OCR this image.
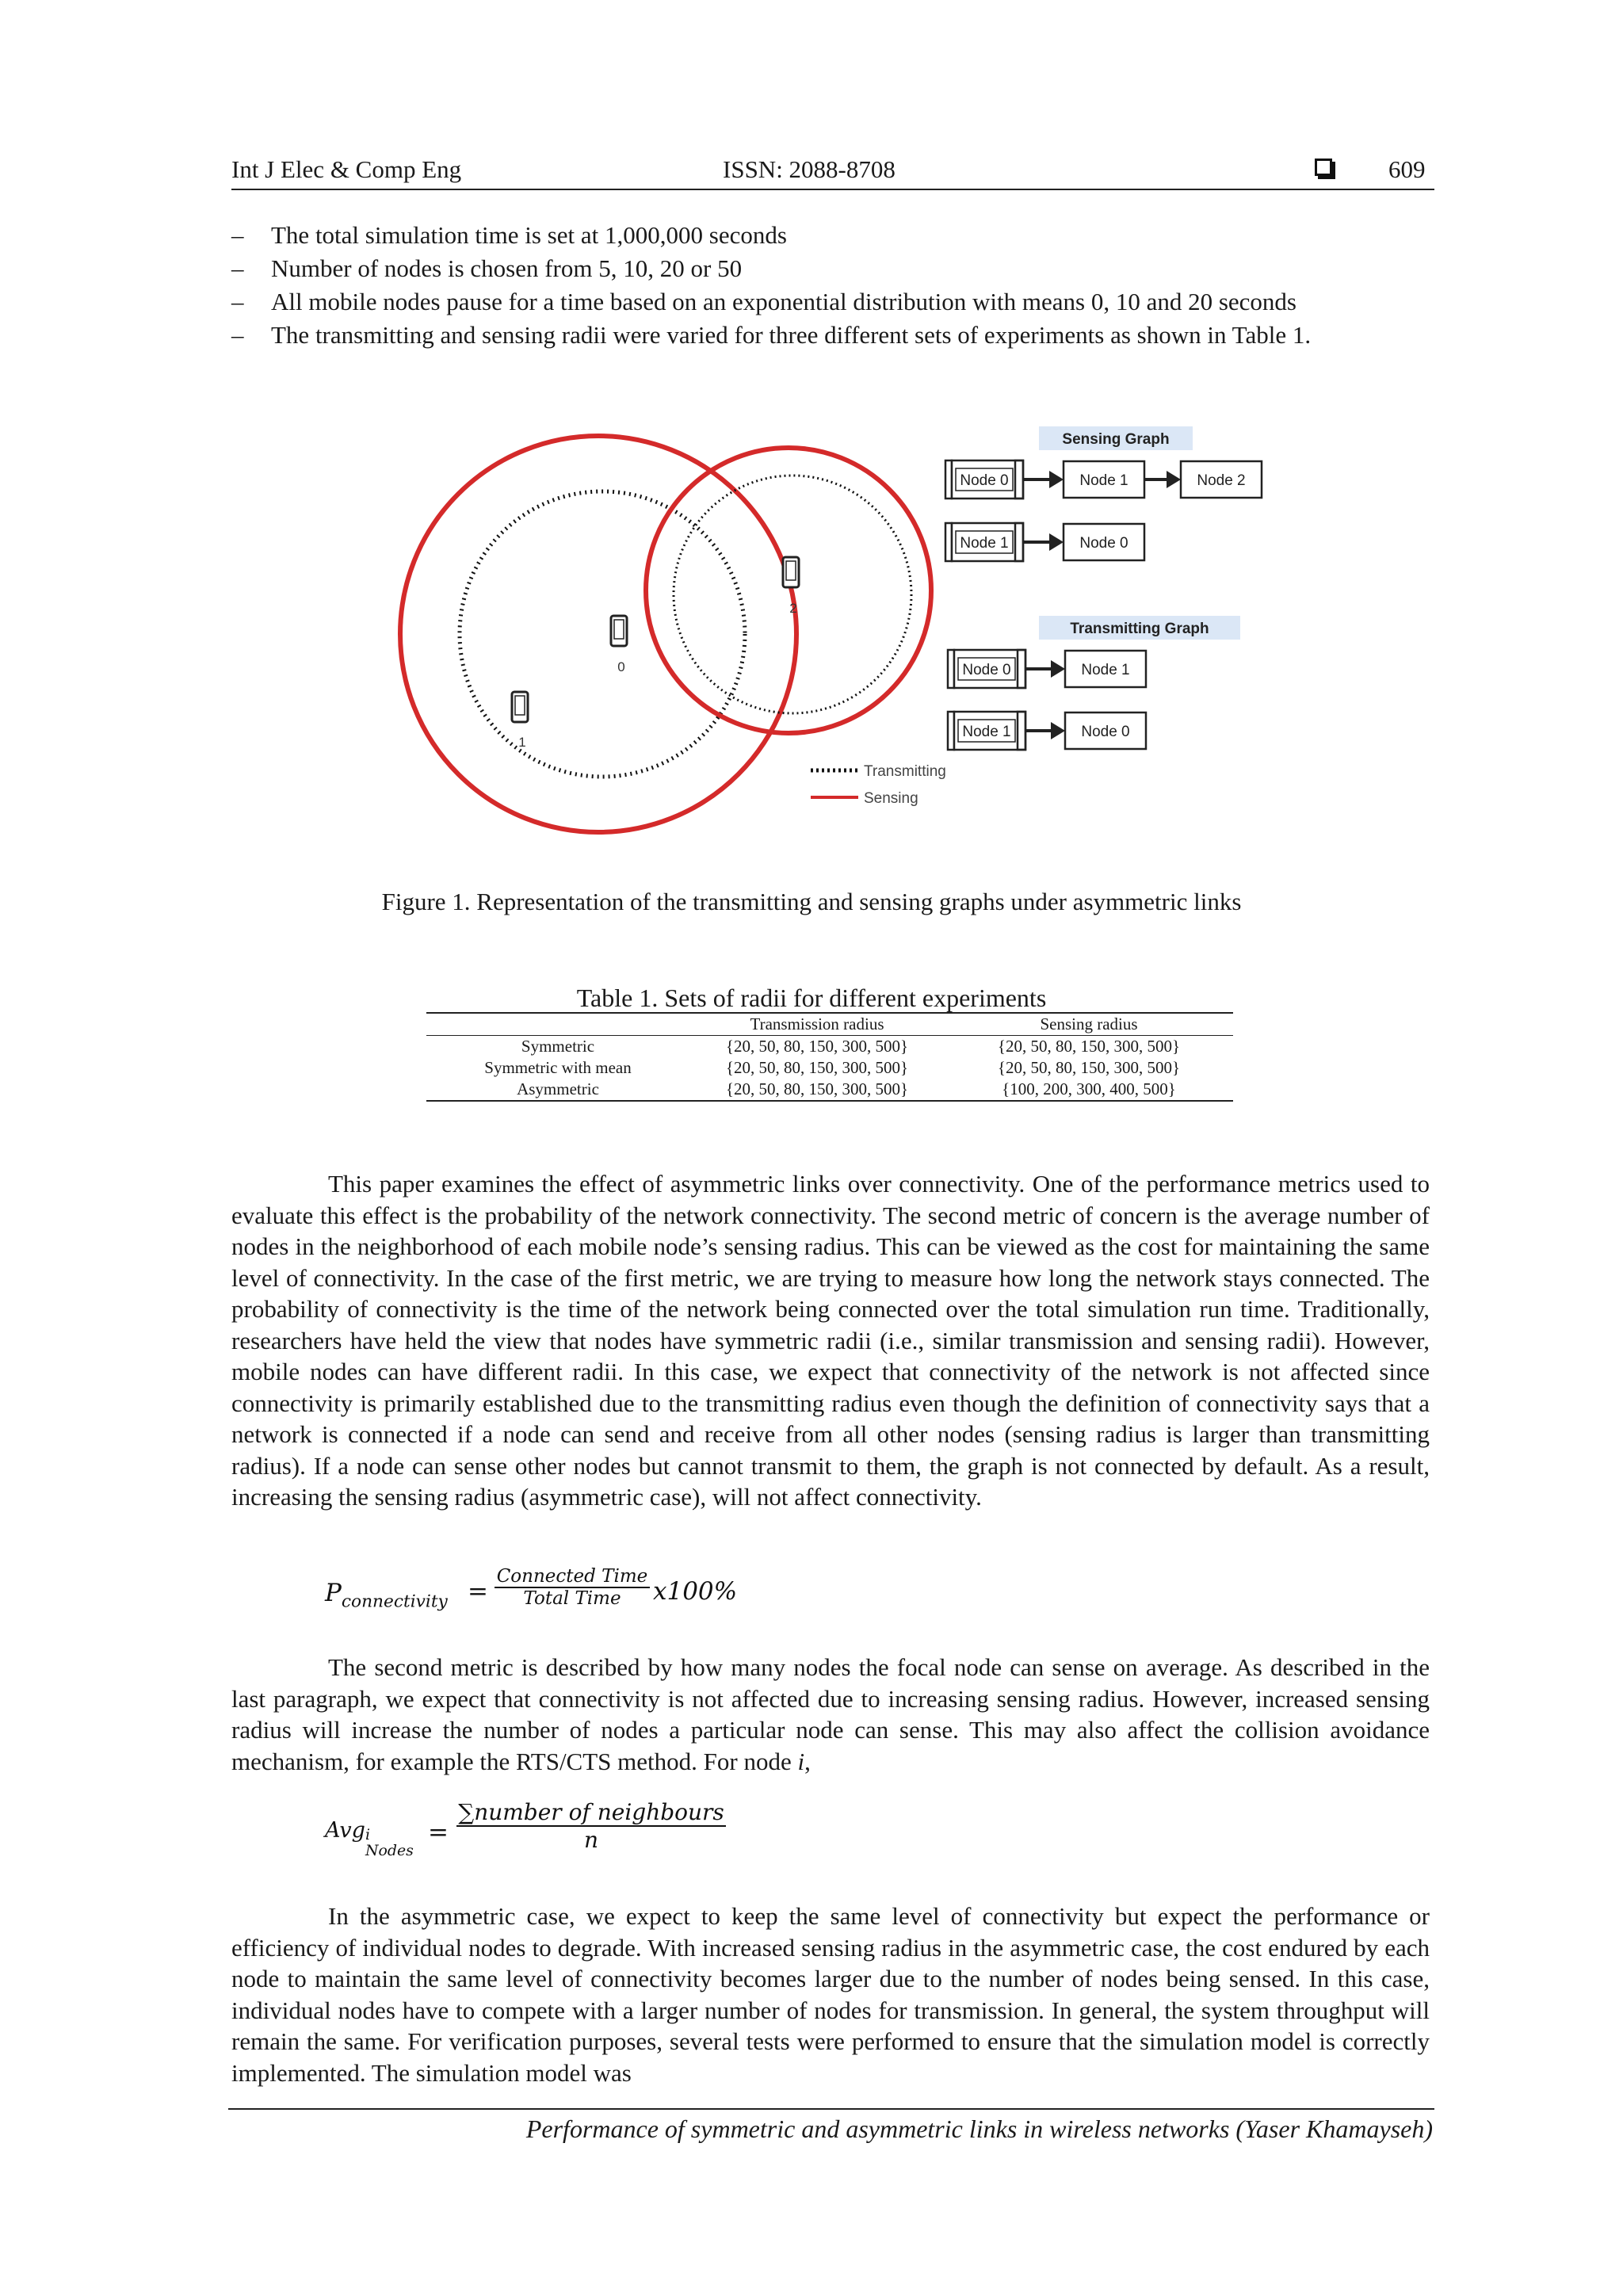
Int J Elec & Comp Eng	ISSN: 2088-8708	609
– The total simulation time is set at 1,000,000 seconds
– Number of nodes is chosen from 5, 10, 20 or 50
– All mobile nodes pause for a time based on an exponential distribution with means 0, 10 and 20 seconds
– The transmitting and sensing radii were varied for three different sets of experiments as shown in Table 1.
0
1
2
Sensing Graph
Node 0	Node 1	Node 2
Node 1	Node 0
Transmitting Graph
Node 0	Node 1
Node 1	Node 0
Transmitting
Sensing
Figure 1. Representation of the transmitting and sensing graphs under asymmetric links
Table 1. Sets of radii for different experiments
	Transmission radius	Sensing radius
Symmetric	{20, 50, 80, 150, 300, 500}	{20, 50, 80, 150, 300, 500}
Symmetric with mean	{20, 50, 80, 150, 300, 500}	{20, 50, 80, 150, 300, 500}
Asymmetric	{20, 50, 80, 150, 300, 500}	{100, 200, 300, 400, 500}
This paper examines the effect of asymmetric links over connectivity. One of the performance metrics used to evaluate this effect is the probability of the network connectivity. The second metric of concern is the average number of nodes in the neighborhood of each mobile node’s sensing radius. This can be viewed as the cost for maintaining the same level of connectivity. In the case of the first metric, we are trying to measure how long the network stays connected. The probability of connectivity is the time of the network being connected over the total simulation run time. Traditionally, researchers have held the view that nodes have symmetric radii (i.e., similar transmission and sensing radii). However, mobile nodes can have different radii. In this case, we expect that connectivity of the network is not affected since connectivity is primarily established due to the transmitting radius even though the definition of connectivity says that a network is connected if a node can send and receive from all other nodes (sensing radius is larger than transmitting radius). If a node can sense other nodes but cannot transmit to them, the graph is not connected by default. As a result, increasing the sensing radius (asymmetric case), will not affect connectivity.
$P_{connectivity}$ =
Connected Time
Total Time	x100%
The second metric is described by how many nodes the focal node can sense on average. As described in the last paragraph, we expect that connectivity is not affected due to increasing sensing radius. However, increased sensing radius will increase the number of nodes a particular node can sense. This may also affect the collision avoidance mechanism, for example the RTS/CTS method. For node i,
Avg i
Nodes
=
∑number of neighbours
n
In the asymmetric case, we expect to keep the same level of connectivity but expect the performance or efficiency of individual nodes to degrade. With increased sensing radius in the asymmetric case, the cost endured by each node to maintain the same level of connectivity becomes larger due to the number of nodes being sensed. In this case, individual nodes have to compete with a larger number of nodes for transmission. In general, the system throughput will remain the same. For verification purposes, several tests were performed to ensure that the simulation model is correctly implemented. The simulation model was
Performance of symmetric and asymmetric links in wireless networks (Yaser Khamayseh)
